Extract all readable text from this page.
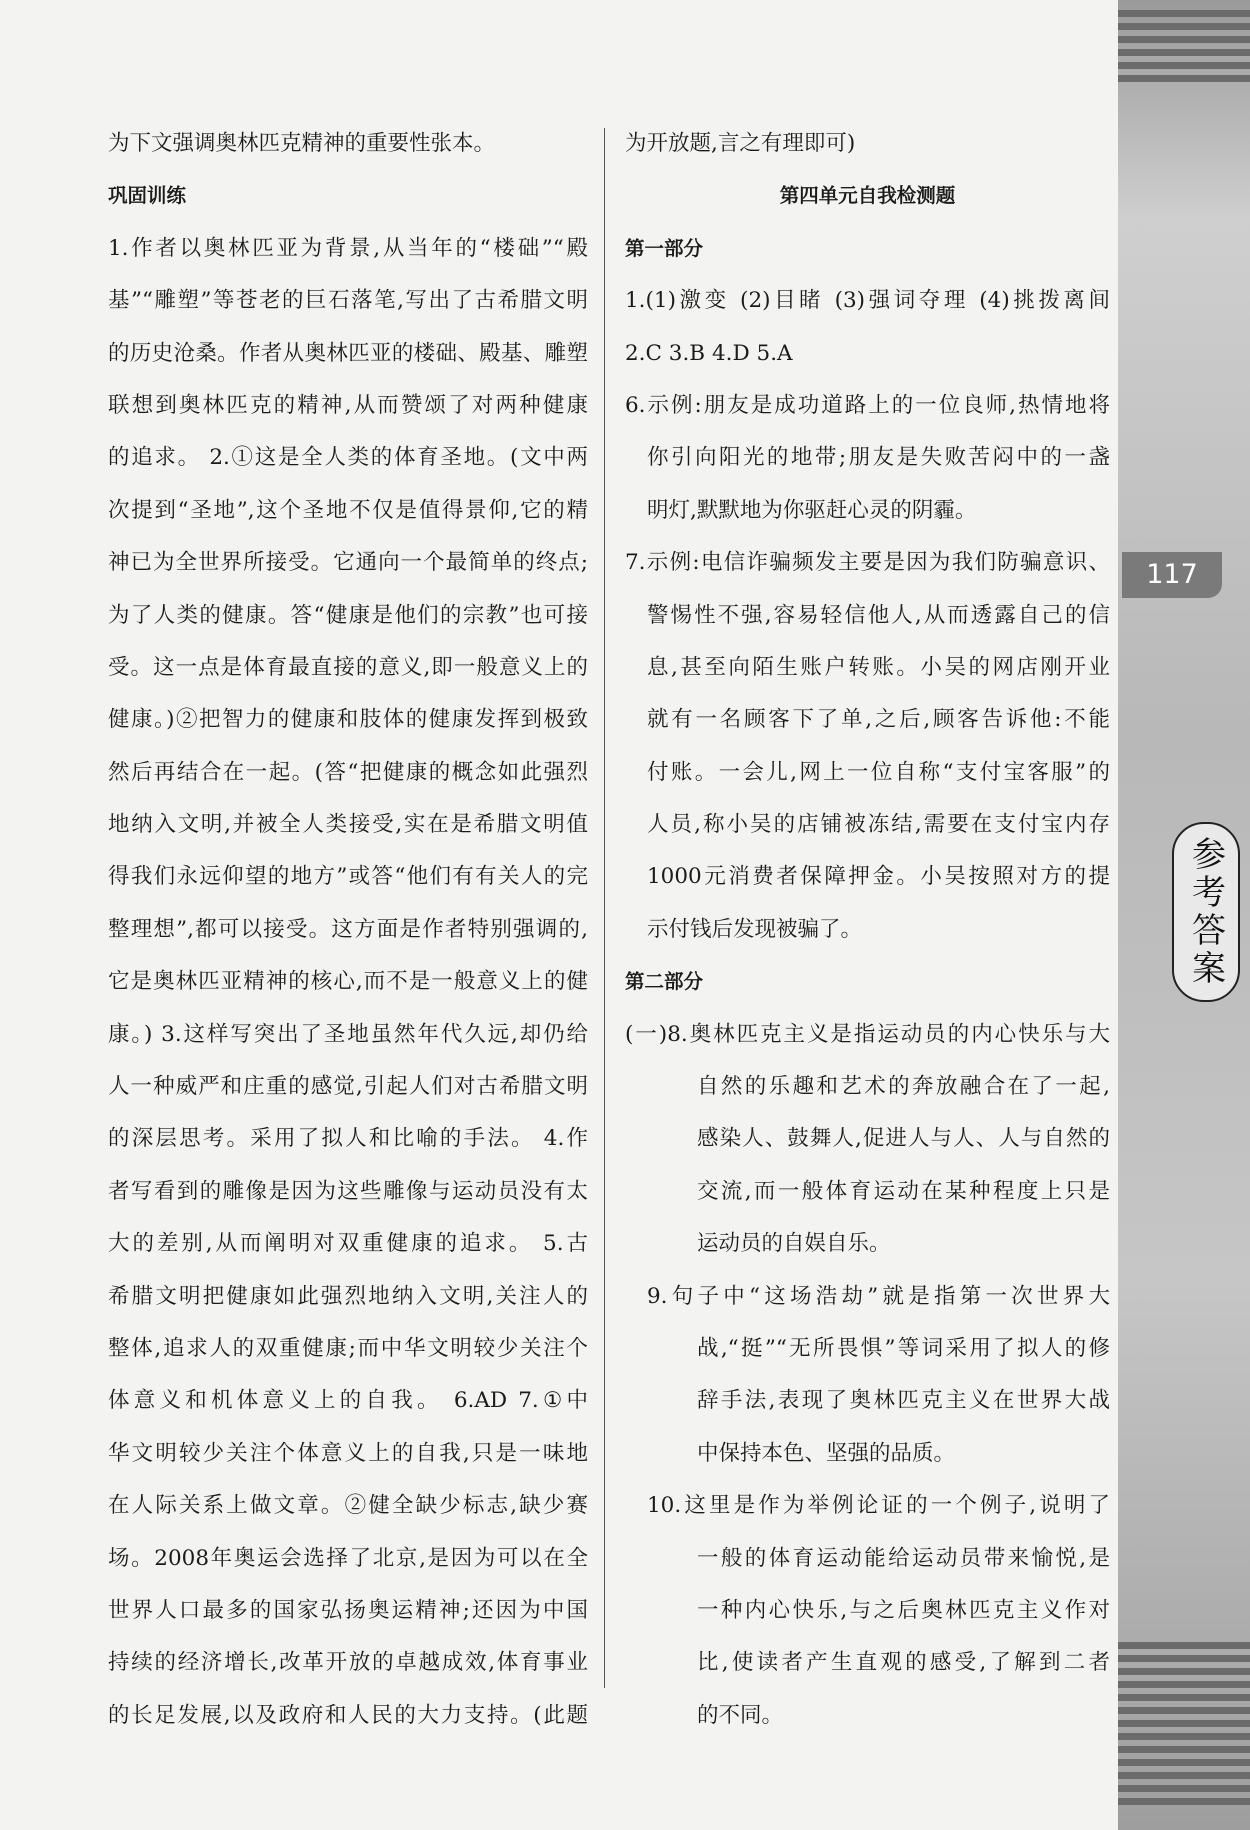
为下文强调奥林匹克精神的重要性张本。
巩固训练
1.作者以奥林匹亚为背景,从当年的“楼础”“殿
基”“雕塑”等苍老的巨石落笔,写出了古希腊文明
的历史沧桑。作者从奥林匹亚的楼础、殿基、雕塑
联想到奥林匹克的精神,从而赞颂了对两种健康
的追求。 2.①这是全人类的体育圣地。(文中两
次提到“圣地”,这个圣地不仅是值得景仰,它的精
神已为全世界所接受。它通向一个最简单的终点;
为了人类的健康。答“健康是他们的宗教”也可接
受。这一点是体育最直接的意义,即一般意义上的
健康。)②把智力的健康和肢体的健康发挥到极致
然后再结合在一起。(答“把健康的概念如此强烈
地纳入文明,并被全人类接受,实在是希腊文明值
得我们永远仰望的地方”或答“他们有有关人的完
整理想”,都可以接受。这方面是作者特别强调的,
它是奥林匹亚精神的核心,而不是一般意义上的健
康。) 3.这样写突出了圣地虽然年代久远,却仍给
人一种威严和庄重的感觉,引起人们对古希腊文明
的深层思考。采用了拟人和比喻的手法。 4.作
者写看到的雕像是因为这些雕像与运动员没有太
大的差别,从而阐明对双重健康的追求。 5.古
希腊文明把健康如此强烈地纳入文明,关注人的
整体,追求人的双重健康;而中华文明较少关注个
体意义和机体意义上的自我。 6.AD 7.①中
华文明较少关注个体意义上的自我,只是一味地
在人际关系上做文章。②健全缺少标志,缺少赛
场。2008年奥运会选择了北京,是因为可以在全
世界人口最多的国家弘扬奥运精神;还因为中国
持续的经济增长,改革开放的卓越成效,体育事业
的长足发展,以及政府和人民的大力支持。(此题
为开放题,言之有理即可)
第四单元自我检测题
第一部分
1.(1)激变 (2)目睹 (3)强词夺理 (4)挑拨离间
2.C 3.B 4.D 5.A
6.示例:朋友是成功道路上的一位良师,热情地将
你引向阳光的地带;朋友是失败苦闷中的一盏
明灯,默默地为你驱赶心灵的阴霾。
7.示例:电信诈骗频发主要是因为我们防骗意识、
警惕性不强,容易轻信他人,从而透露自己的信
息,甚至向陌生账户转账。小吴的网店刚开业
就有一名顾客下了单,之后,顾客告诉他:不能
付账。一会儿,网上一位自称“支付宝客服”的
人员,称小吴的店铺被冻结,需要在支付宝内存
1000元消费者保障押金。小吴按照对方的提
示付钱后发现被骗了。
第二部分
(一)8.奥林匹克主义是指运动员的内心快乐与大
自然的乐趣和艺术的奔放融合在了一起,
感染人、鼓舞人,促进人与人、人与自然的
交流,而一般体育运动在某种程度上只是
运动员的自娱自乐。
9.句子中“这场浩劫”就是指第一次世界大
战,“挺”“无所畏惧”等词采用了拟人的修
辞手法,表现了奥林匹克主义在世界大战
中保持本色、坚强的品质。
10.这里是作为举例论证的一个例子,说明了
一般的体育运动能给运动员带来愉悦,是
一种内心快乐,与之后奥林匹克主义作对
比,使读者产生直观的感受,了解到二者
的不同。
117
参考答案
